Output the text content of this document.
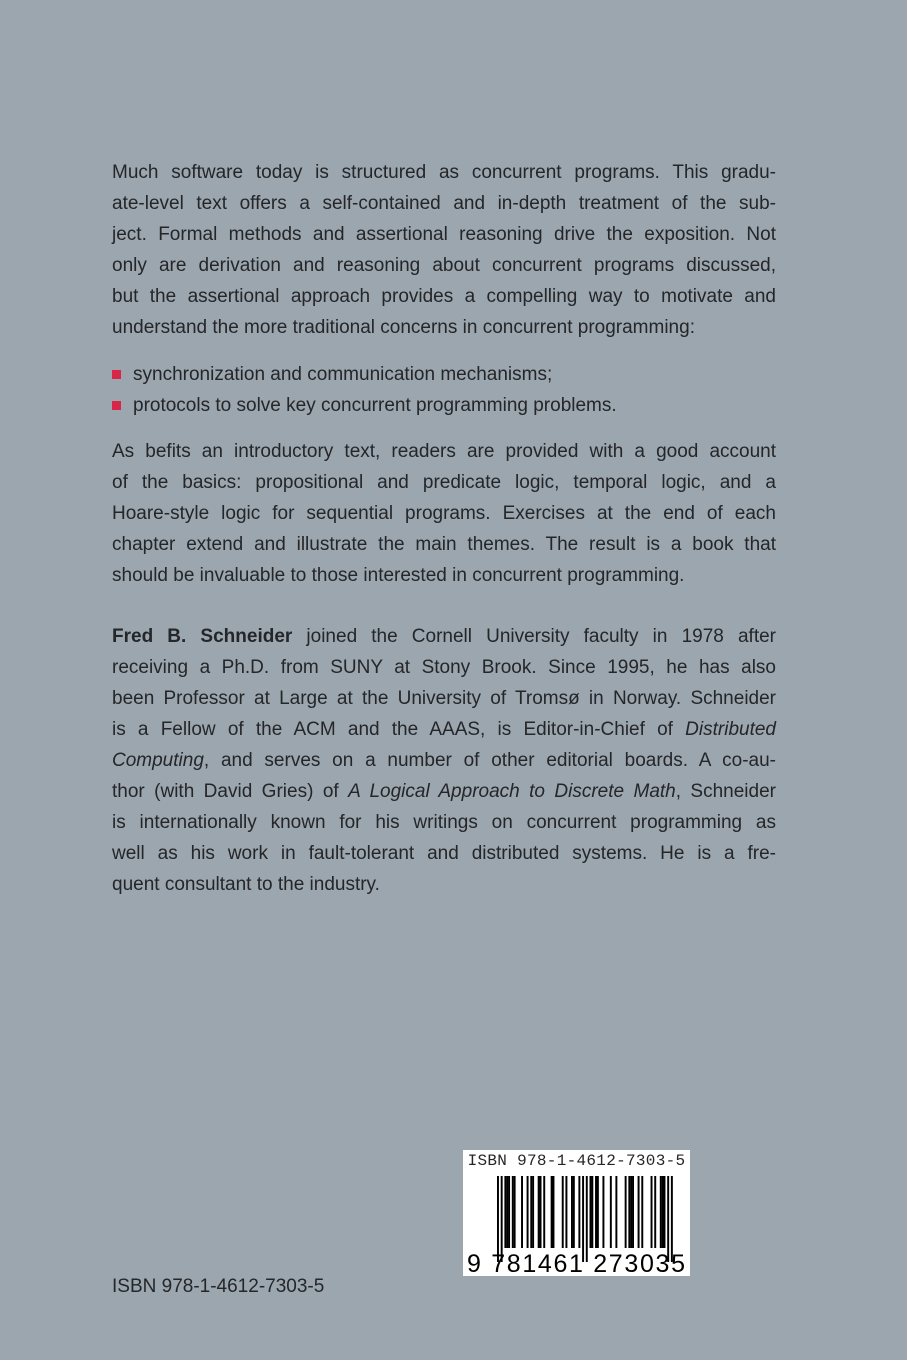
Much software today is structured as concurrent programs. This gradu-
ate-level text offers a self-contained and in-depth treatment of the sub-
ject. Formal methods and assertional reasoning drive the exposition. Not
only are derivation and reasoning about concurrent programs discussed,
but the assertional approach provides a compelling way to motivate and
understand the more traditional concerns in concurrent programming:
synchronization and communication mechanisms;
protocols to solve key concurrent programming problems.
As befits an introductory text, readers are provided with a good account
of the basics: propositional and predicate logic, temporal logic, and a
Hoare-style logic for sequential programs. Exercises at the end of each
chapter extend and illustrate the main themes. The result is a book that
should be invaluable to those interested in concurrent programming.
Fred B. Schneider joined the Cornell University faculty in 1978 after
receiving a Ph.D. from SUNY at Stony Brook. Since 1995, he has also
been Professor at Large at the University of Tromsø in Norway. Schneider
is a Fellow of the ACM and the AAAS, is Editor-in-Chief of Distributed
Computing, and serves on a number of other editorial boards. A co-au-
thor (with David Gries) of A Logical Approach to Discrete Math, Schneider
is internationally known for his writings on concurrent programming as
well as his work in fault-tolerant and distributed systems. He is a fre-
quent consultant to the industry.
ISBN 978-1-4612-7303-5
9 781461 273035
ISBN 978-1-4612-7303-5
